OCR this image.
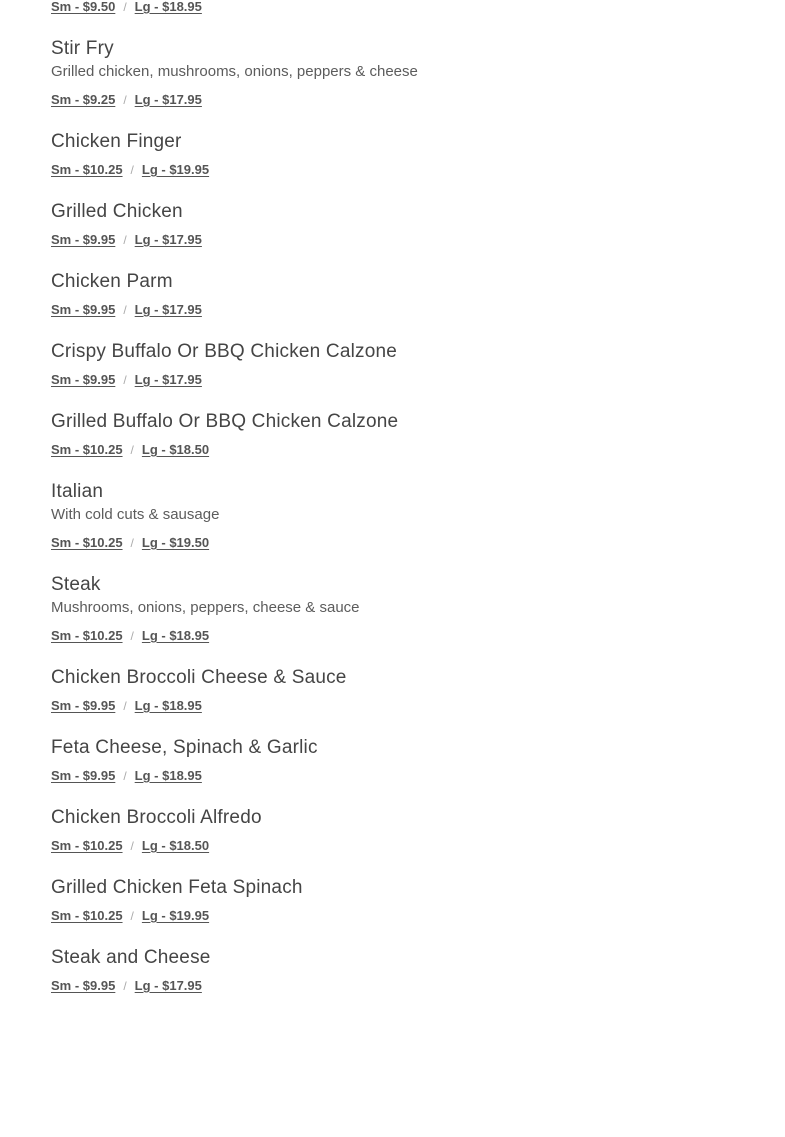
Sm - $9.50 / Lg - $18.95
Stir Fry

Grilled chicken, mushrooms, onions, peppers & cheese

Sm - $9.25 / Lg - $17.95
Chicken Finger
Sm - $10.25 / Lg - $19.95
Grilled Chicken
Sm - $9.95 / Lg - $17.95
Chicken Parm
Sm - $9.95 / Lg - $17.95
Crispy Buffalo Or BBQ Chicken Calzone
Sm - $9.95 / Lg - $17.95
Grilled Buffalo Or BBQ Chicken Calzone
Sm - $10.25 / Lg - $18.50
Italian

With cold cuts & sausage

Sm - $10.25 / Lg - $19.50
Steak

Mushrooms, onions, peppers, cheese & sauce

Sm - $10.25 / Lg - $18.95
Chicken Broccoli Cheese & Sauce
Sm - $9.95 / Lg - $18.95
Feta Cheese, Spinach & Garlic
Sm - $9.95 / Lg - $18.95
Chicken Broccoli Alfredo
Sm - $10.25 / Lg - $18.50
Grilled Chicken Feta Spinach
Sm - $10.25 / Lg - $19.95
Steak and Cheese
Sm - $9.95 / Lg - $17.95
